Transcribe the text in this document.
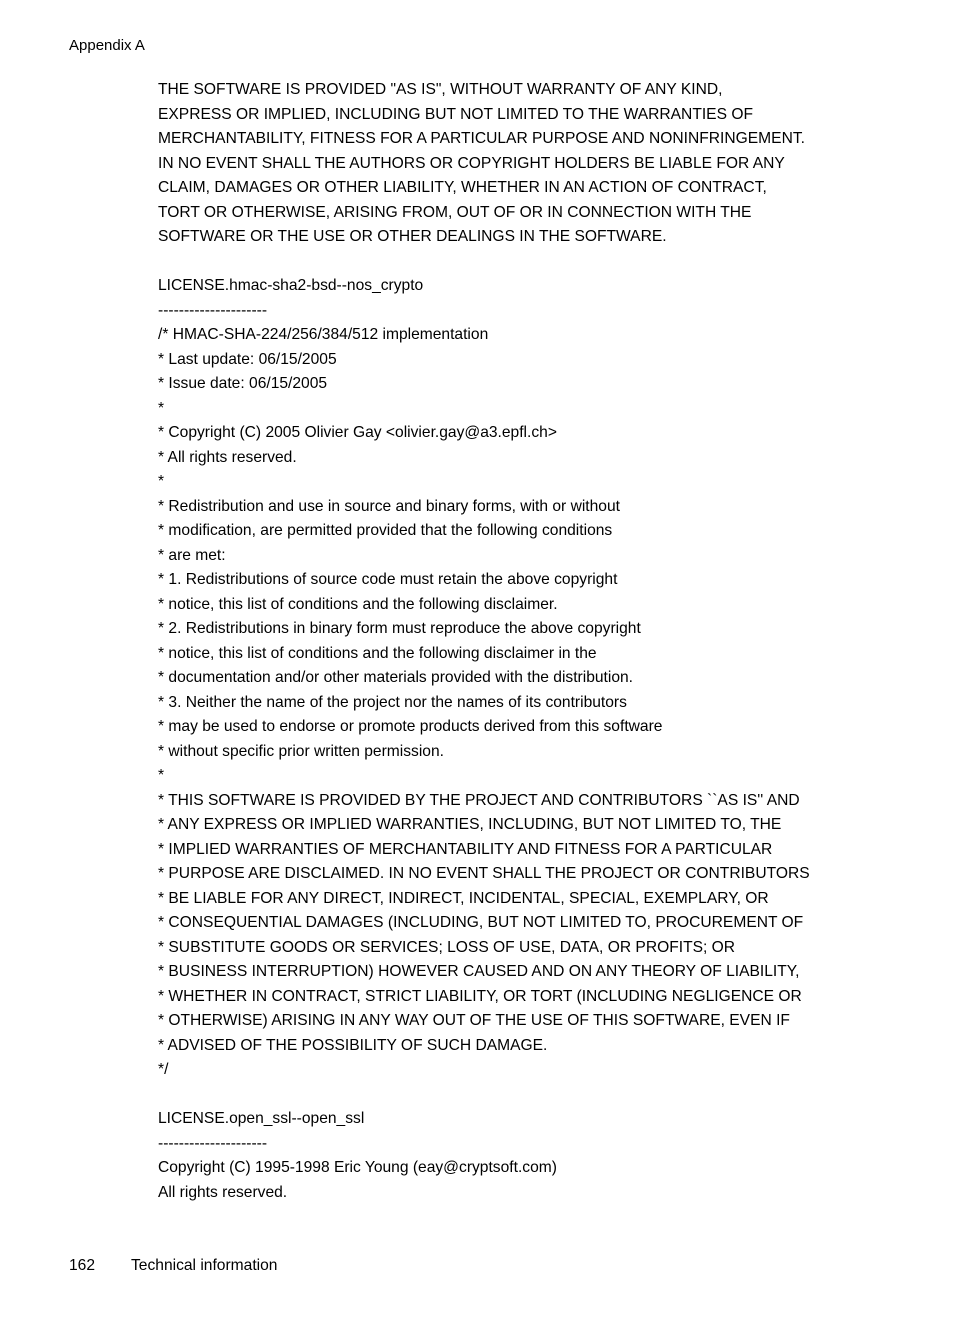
Appendix A
THE SOFTWARE IS PROVIDED "AS IS", WITHOUT WARRANTY OF ANY KIND,
EXPRESS OR IMPLIED, INCLUDING BUT NOT LIMITED TO THE WARRANTIES OF
MERCHANTABILITY, FITNESS FOR A PARTICULAR PURPOSE AND NONINFRINGEMENT.
IN NO EVENT SHALL THE AUTHORS OR COPYRIGHT HOLDERS BE LIABLE FOR ANY
CLAIM, DAMAGES OR OTHER LIABILITY, WHETHER IN AN ACTION OF CONTRACT,
TORT OR OTHERWISE, ARISING FROM, OUT OF OR IN CONNECTION WITH THE
SOFTWARE OR THE USE OR OTHER DEALINGS IN THE SOFTWARE.
LICENSE.hmac-sha2-bsd--nos_crypto
---------------------
/* HMAC-SHA-224/256/384/512 implementation
* Last update: 06/15/2005
* Issue date: 06/15/2005
*
* Copyright (C) 2005 Olivier Gay <olivier.gay@a3.epfl.ch>
* All rights reserved.
*
* Redistribution and use in source and binary forms, with or without
* modification, are permitted provided that the following conditions
* are met:
* 1. Redistributions of source code must retain the above copyright
* notice, this list of conditions and the following disclaimer.
* 2. Redistributions in binary form must reproduce the above copyright
* notice, this list of conditions and the following disclaimer in the
* documentation and/or other materials provided with the distribution.
* 3. Neither the name of the project nor the names of its contributors
* may be used to endorse or promote products derived from this software
* without specific prior written permission.
*
* THIS SOFTWARE IS PROVIDED BY THE PROJECT AND CONTRIBUTORS ``AS IS'' AND
* ANY EXPRESS OR IMPLIED WARRANTIES, INCLUDING, BUT NOT LIMITED TO, THE
* IMPLIED WARRANTIES OF MERCHANTABILITY AND FITNESS FOR A PARTICULAR
* PURPOSE ARE DISCLAIMED. IN NO EVENT SHALL THE PROJECT OR CONTRIBUTORS
* BE LIABLE FOR ANY DIRECT, INDIRECT, INCIDENTAL, SPECIAL, EXEMPLARY, OR
* CONSEQUENTIAL DAMAGES (INCLUDING, BUT NOT LIMITED TO, PROCUREMENT OF
* SUBSTITUTE GOODS OR SERVICES; LOSS OF USE, DATA, OR PROFITS; OR
* BUSINESS INTERRUPTION) HOWEVER CAUSED AND ON ANY THEORY OF LIABILITY,
* WHETHER IN CONTRACT, STRICT LIABILITY, OR TORT (INCLUDING NEGLIGENCE OR
* OTHERWISE) ARISING IN ANY WAY OUT OF THE USE OF THIS SOFTWARE, EVEN IF
* ADVISED OF THE POSSIBILITY OF SUCH DAMAGE.
*/
LICENSE.open_ssl--open_ssl
---------------------
Copyright (C) 1995-1998 Eric Young (eay@cryptsoft.com)
All rights reserved.
162 Technical information
